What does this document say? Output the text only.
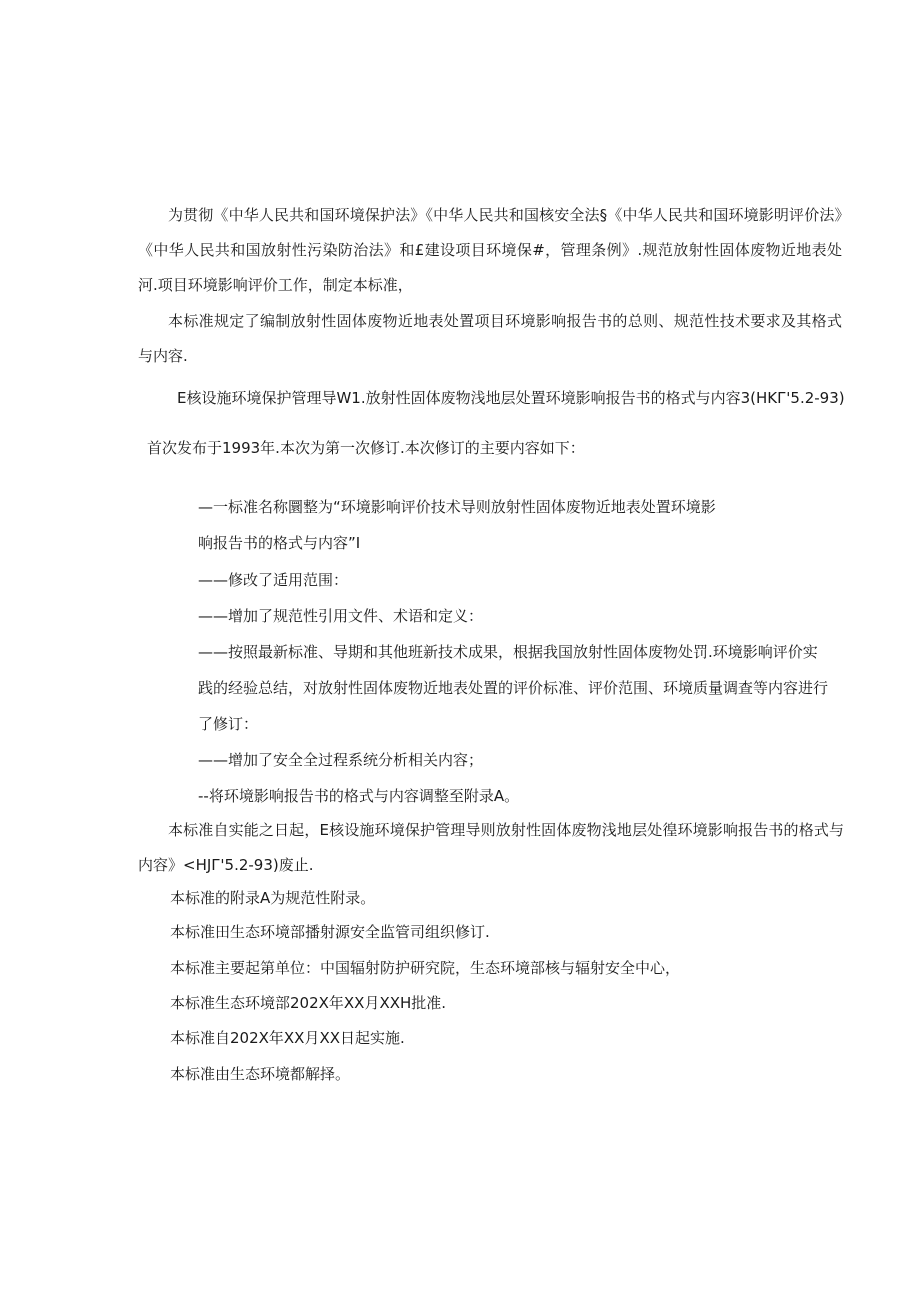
为贯彻《中华人民共和国环境保护法》《中华人民共和国核安全法§《中华人民共和国环境影明评价法》《中华人民共和国放射性污染防治法》和£建设项目环境保#，管理条例》.规范放射性固体废物近地表处河.项目环境影响评价工作，制定本标准，

本标准规定了编制放射性固体废物近地表处置项目环境影响报告书的总则、规范性技术要求及其格式与内容.

E核设施环境保护管理导W1.放射性固体废物浅地层处置环境影响报告书的格式与内容3(HKГ'5.2-93)
首次发布于1993年.本次为第一次修订.本次修订的主要内容如下：
—一标准名称圜整为“环境影响评价技术导则放射性固体废物近地表处置环境影
响报告书的格式与内容”I
——修改了适用范围：
——增加了规范性引用文件、术语和定义：
——按照最新标准、导期和其他班新技术成果，根据我国放射性固体废物处罚.环境影响评价实
践的经验总结，对放射性固体废物近地表处置的评价标准、评价范围、环境质量调查等内容进行
了修订：
——增加了安全全过程系统分析相关内容；
--将环境影响报告书的格式与内容调整至附录A。

本标准自实能之日起，E核设施环境保护管理导则放射性固体废物浅地层处徨环境影响报告书的格式与内容》<HJГ'5.2-93)废止.

本标准的附录A为规范性附录。
本标准田生态环境部播射源安全监管司组织修订.
本标准主要起第单位：中国辐射防护研究院，生态环境部核与辐射安全中心，
本标准生态环境部202X年XX月XXH批准.
本标准自202X年XX月XX日起实施.
本标准由生态环境都解择。
